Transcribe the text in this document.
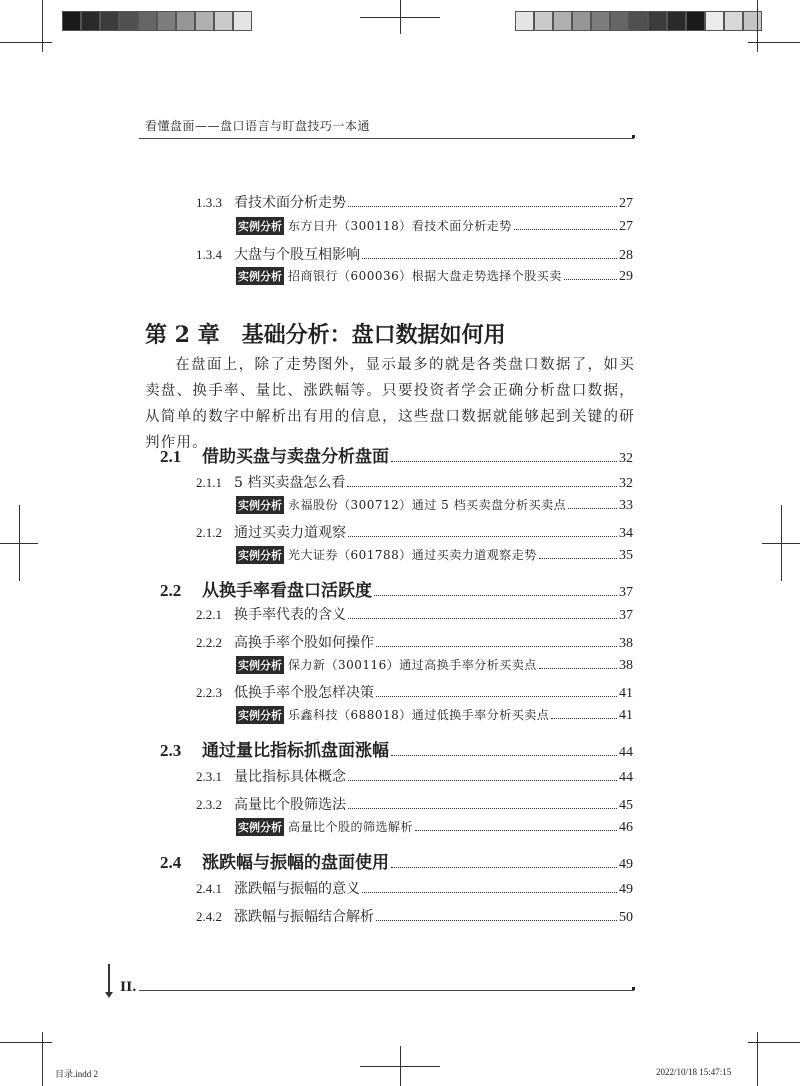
看懂盘面——盘口语言与盯盘技巧一本通
1.3.3 看技术面分析走势	27
实例分析 东方日升（300118）看技术面分析走势	27
1.3.4 大盘与个股互相影响	28
实例分析 招商银行（600036）根据大盘走势选择个股买卖	29
第 2 章　基础分析：盘口数据如何用
在盘面上，除了走势图外，显示最多的就是各类盘口数据了，如买卖盘、换手率、量比、涨跌幅等。只要投资者学会正确分析盘口数据，从简单的数字中解析出有用的信息，这些盘口数据就能够起到关键的研判作用。
2.1	借助买盘与卖盘分析盘面	32
2.1.1 5 档买卖盘怎么看	32
实例分析 永福股份（300712）通过 5 档买卖盘分析买卖点	33
2.1.2 通过买卖力道观察	34
实例分析 光大证券（601788）通过买卖力道观察走势	35
2.2	从换手率看盘口活跃度	37
2.2.1 换手率代表的含义	37
2.2.2 高换手率个股如何操作	38
实例分析 保力新（300116）通过高换手率分析买卖点	38
2.2.3 低换手率个股怎样决策	41
实例分析 乐鑫科技（688018）通过低换手率分析买卖点	41
2.3	通过量比指标抓盘面涨幅	44
2.3.1 量比指标具体概念	44
2.3.2 高量比个股筛选法	45
实例分析 高量比个股的筛选解析	46
2.4	涨跌幅与振幅的盘面使用	49
2.4.1 涨跌幅与振幅的意义	49
2.4.2 涨跌幅与振幅结合解析	50
II.
目录.indd 2	2022/10/18 15:47:15
